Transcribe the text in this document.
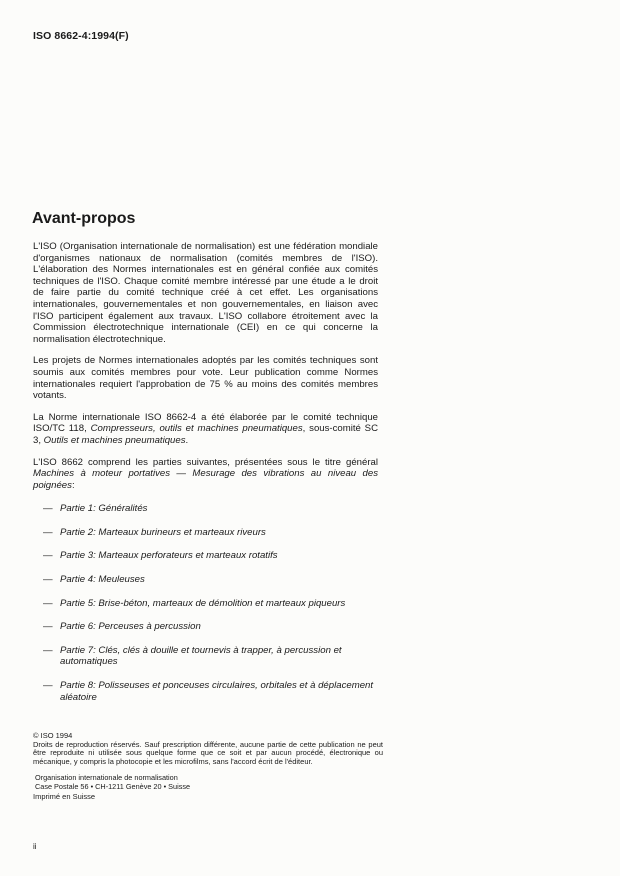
ISO 8662-4:1994(F)
Avant-propos

L'ISO (Organisation internationale de normalisation) est une fédération mondiale d'organismes nationaux de normalisation (comités membres de l'ISO). L'élaboration des Normes internationales est en général confiée aux comités techniques de l'ISO. Chaque comité membre intéressé par une étude a le droit de faire partie du comité technique créé à cet effet. Les organisations internationales, gouvernementales et non gouvernementales, en liaison avec l'ISO participent également aux travaux. L'ISO collabore étroitement avec la Commission électrotechnique internationale (CEI) en ce qui concerne la normalisation électrotechnique.

Les projets de Normes internationales adoptés par les comités techniques sont soumis aux comités membres pour vote. Leur publication comme Normes internationales requiert l'approbation de 75 % au moins des comités membres votants.

La Norme internationale ISO 8662-4 a été élaborée par le comité technique ISO/TC 118, Compresseurs, outils et machines pneumatiques, sous-comité SC 3, Outils et machines pneumatiques.

L'ISO 8662 comprend les parties suivantes, présentées sous le titre général Machines à moteur portatives — Mesurage des vibrations au niveau des poignées:

— Partie 1: Généralités
— Partie 2: Marteaux burineurs et marteaux riveurs
— Partie 3: Marteaux perforateurs et marteaux rotatifs
— Partie 4: Meuleuses
— Partie 5: Brise-béton, marteaux de démolition et marteaux piqueurs
— Partie 6: Perceuses à percussion
— Partie 7: Clés, clés à douille et tournevis à trapper, à percussion et automatiques
— Partie 8: Polisseuses et ponceuses circulaires, orbitales et à déplacement aléatoire

© ISO 1994

Droits de reproduction réservés. Sauf prescription différente, aucune partie de cette publication ne peut être reproduite ni utilisée sous quelque forme que ce soit et par aucun procédé, électronique ou mécanique, y compris la photocopie et les microfilms, sans l'accord écrit de l'éditeur.

Organisation internationale de normalisation
Case Postale 56 • CH-1211 Genève 20 • Suisse

Imprimé en Suisse

ii
